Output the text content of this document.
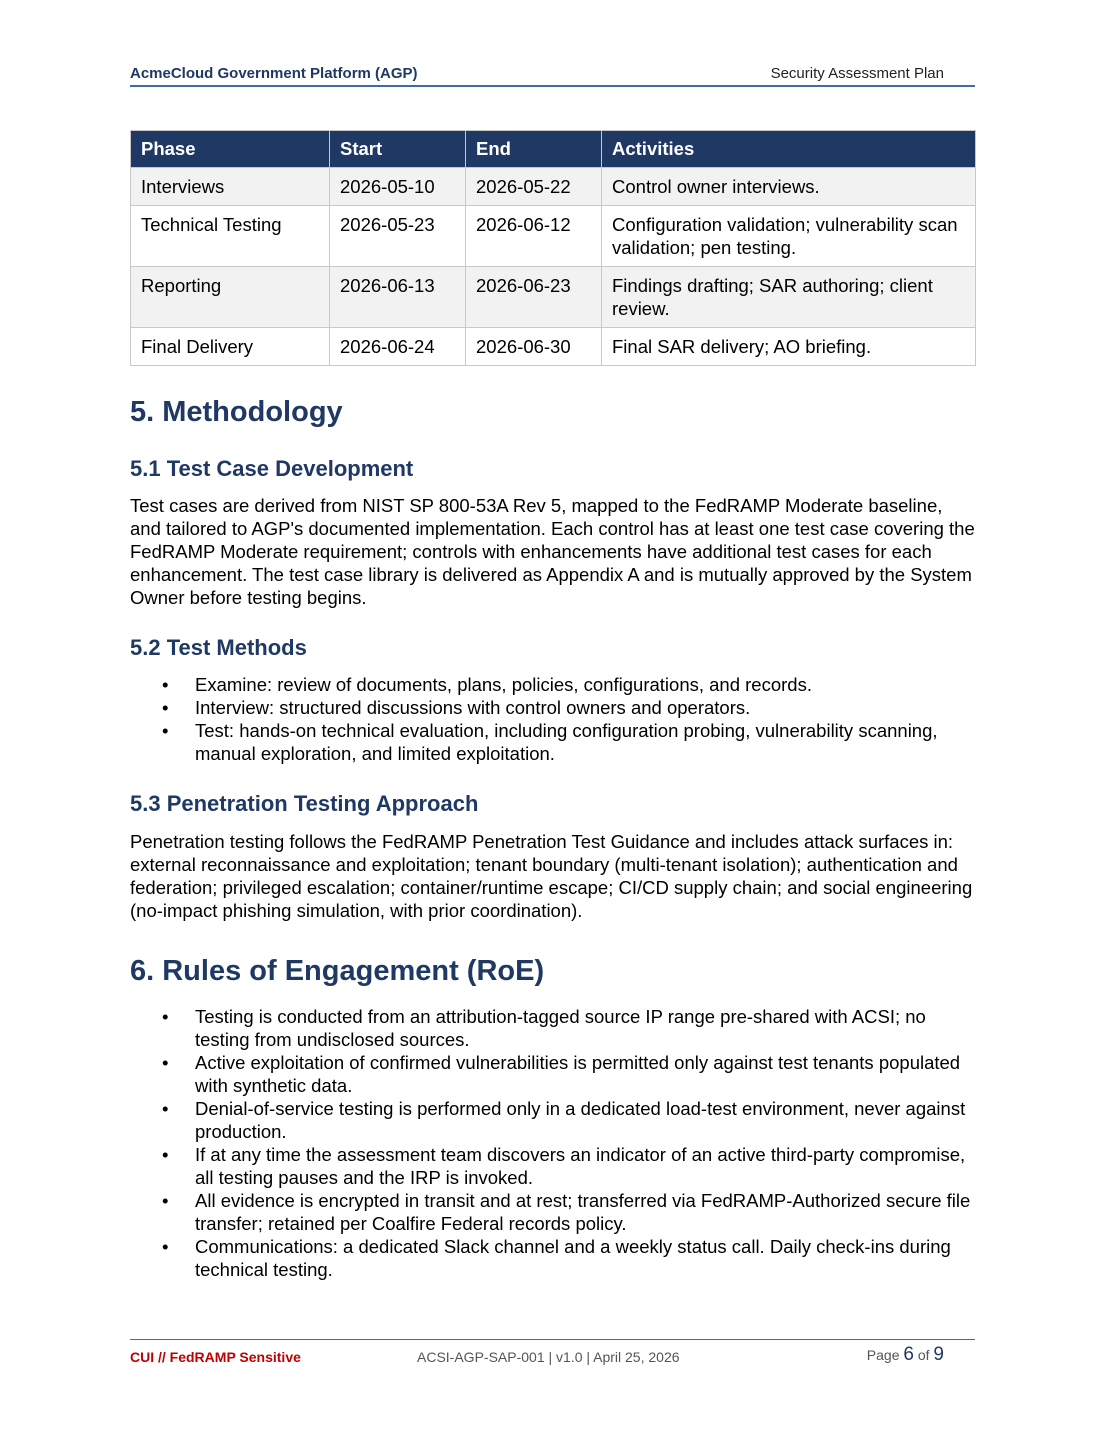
AcmeCloud Government Platform (AGP)	Security Assessment Plan
Phase	Start	End	Activities
Interviews	2026-05-10	2026-05-22	Control owner interviews.
Technical Testing	2026-05-23	2026-06-12	Configuration validation; vulnerability scan validation; pen testing.
Reporting	2026-06-13	2026-06-23	Findings drafting; SAR authoring; client review.
Final Delivery	2026-06-24	2026-06-30	Final SAR delivery; AO briefing.
5. Methodology
5.1 Test Case Development

Test cases are derived from NIST SP 800-53A Rev 5, mapped to the FedRAMP Moderate baseline, and tailored to AGP's documented implementation. Each control has at least one test case covering the FedRAMP Moderate requirement; controls with enhancements have additional test cases for each enhancement. The test case library is delivered as Appendix A and is mutually approved by the System Owner before testing begins.

5.2 Test Methods
• Examine: review of documents, plans, policies, configurations, and records.
• Interview: structured discussions with control owners and operators.
• Test: hands-on technical evaluation, including configuration probing, vulnerability scanning, manual exploration, and limited exploitation.
5.3 Penetration Testing Approach

Penetration testing follows the FedRAMP Penetration Test Guidance and includes attack surfaces in: external reconnaissance and exploitation; tenant boundary (multi-tenant isolation); authentication and federation; privileged escalation; container/runtime escape; CI/CD supply chain; and social engineering (no-impact phishing simulation, with prior coordination).

6. Rules of Engagement (RoE)
• Testing is conducted from an attribution-tagged source IP range pre-shared with ACSI; no testing from undisclosed sources.
• Active exploitation of confirmed vulnerabilities is permitted only against test tenants populated with synthetic data.
• Denial-of-service testing is performed only in a dedicated load-test environment, never against production.
• If at any time the assessment team discovers an indicator of an active third-party compromise, all testing pauses and the IRP is invoked.
• All evidence is encrypted in transit and at rest; transferred via FedRAMP-Authorized secure file transfer; retained per Coalfire Federal records policy.
• Communications: a dedicated Slack channel and a weekly status call. Daily check-ins during technical testing.
CUI // FedRAMP Sensitive	ACSI-AGP-SAP-001 | v1.0 | April 25, 2026	Page 6 of 9
